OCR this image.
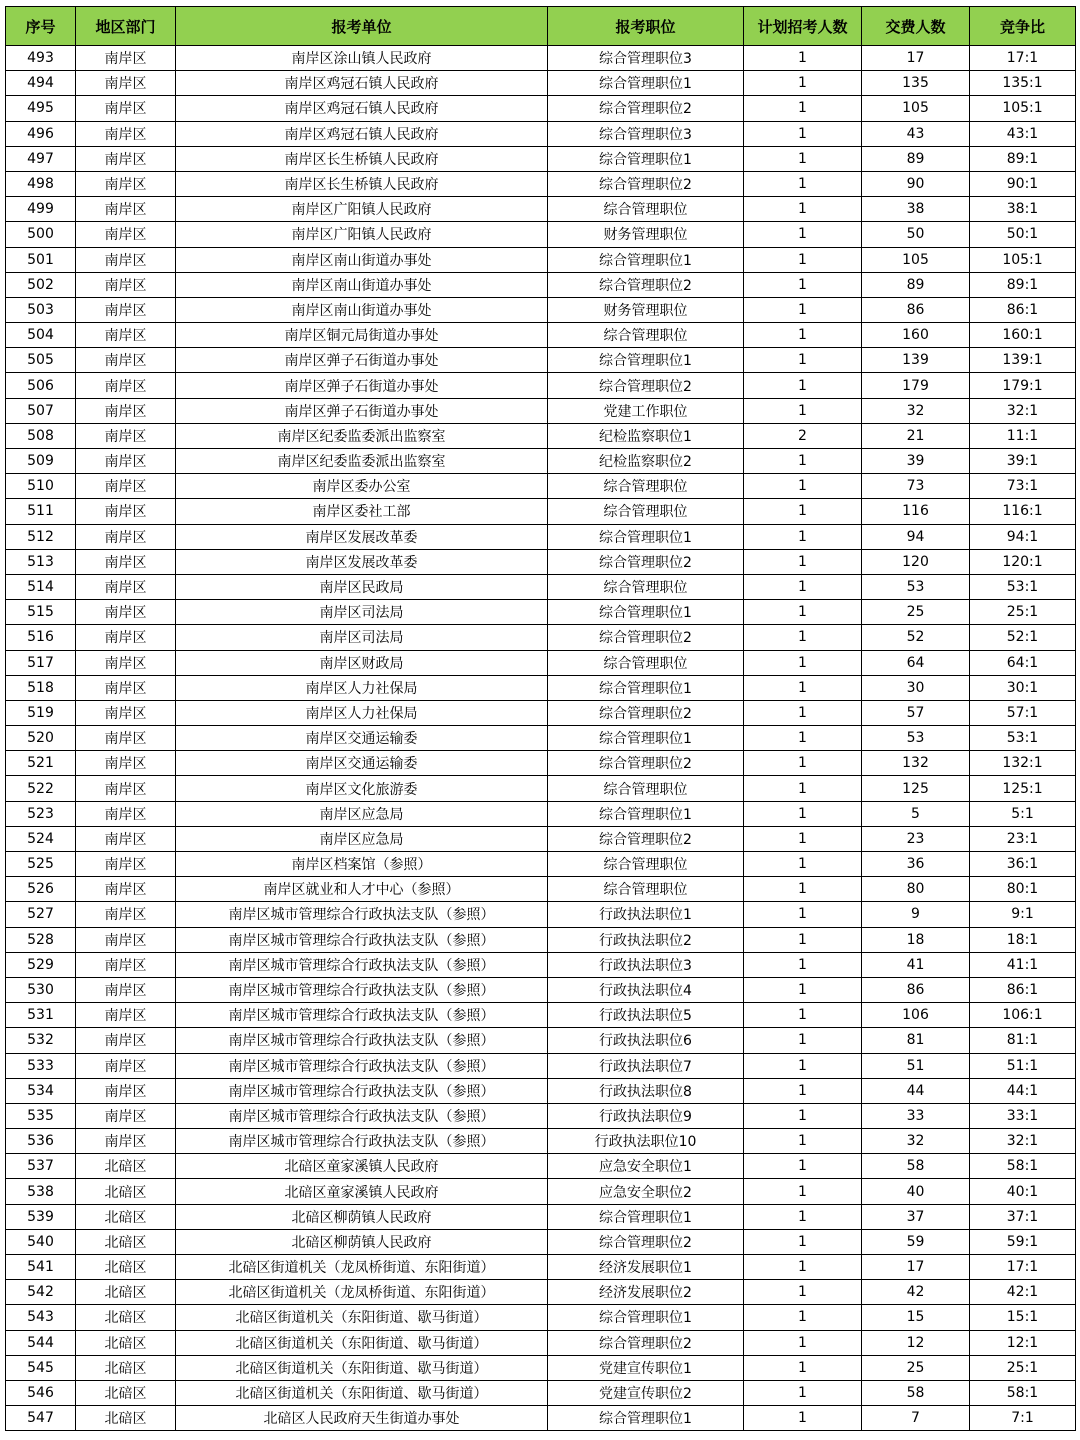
序号	地区部门	报考单位	报考职位	计划招考人数	交费人数	竞争比
493	南岸区	南岸区涂山镇人民政府	综合管理职位3	1	17	17:1
494	南岸区	南岸区鸡冠石镇人民政府	综合管理职位1	1	135	135:1
495	南岸区	南岸区鸡冠石镇人民政府	综合管理职位2	1	105	105:1
496	南岸区	南岸区鸡冠石镇人民政府	综合管理职位3	1	43	43:1
497	南岸区	南岸区长生桥镇人民政府	综合管理职位1	1	89	89:1
498	南岸区	南岸区长生桥镇人民政府	综合管理职位2	1	90	90:1
499	南岸区	南岸区广阳镇人民政府	综合管理职位	1	38	38:1
500	南岸区	南岸区广阳镇人民政府	财务管理职位	1	50	50:1
501	南岸区	南岸区南山街道办事处	综合管理职位1	1	105	105:1
502	南岸区	南岸区南山街道办事处	综合管理职位2	1	89	89:1
503	南岸区	南岸区南山街道办事处	财务管理职位	1	86	86:1
504	南岸区	南岸区铜元局街道办事处	综合管理职位	1	160	160:1
505	南岸区	南岸区弹子石街道办事处	综合管理职位1	1	139	139:1
506	南岸区	南岸区弹子石街道办事处	综合管理职位2	1	179	179:1
507	南岸区	南岸区弹子石街道办事处	党建工作职位	1	32	32:1
508	南岸区	南岸区纪委监委派出监察室	纪检监察职位1	2	21	11:1
509	南岸区	南岸区纪委监委派出监察室	纪检监察职位2	1	39	39:1
510	南岸区	南岸区委办公室	综合管理职位	1	73	73:1
511	南岸区	南岸区委社工部	综合管理职位	1	116	116:1
512	南岸区	南岸区发展改革委	综合管理职位1	1	94	94:1
513	南岸区	南岸区发展改革委	综合管理职位2	1	120	120:1
514	南岸区	南岸区民政局	综合管理职位	1	53	53:1
515	南岸区	南岸区司法局	综合管理职位1	1	25	25:1
516	南岸区	南岸区司法局	综合管理职位2	1	52	52:1
517	南岸区	南岸区财政局	综合管理职位	1	64	64:1
518	南岸区	南岸区人力社保局	综合管理职位1	1	30	30:1
519	南岸区	南岸区人力社保局	综合管理职位2	1	57	57:1
520	南岸区	南岸区交通运输委	综合管理职位1	1	53	53:1
521	南岸区	南岸区交通运输委	综合管理职位2	1	132	132:1
522	南岸区	南岸区文化旅游委	综合管理职位	1	125	125:1
523	南岸区	南岸区应急局	综合管理职位1	1	5	5:1
524	南岸区	南岸区应急局	综合管理职位2	1	23	23:1
525	南岸区	南岸区档案馆（参照）	综合管理职位	1	36	36:1
526	南岸区	南岸区就业和人才中心（参照）	综合管理职位	1	80	80:1
527	南岸区	南岸区城市管理综合行政执法支队（参照）	行政执法职位1	1	9	9:1
528	南岸区	南岸区城市管理综合行政执法支队（参照）	行政执法职位2	1	18	18:1
529	南岸区	南岸区城市管理综合行政执法支队（参照）	行政执法职位3	1	41	41:1
530	南岸区	南岸区城市管理综合行政执法支队（参照）	行政执法职位4	1	86	86:1
531	南岸区	南岸区城市管理综合行政执法支队（参照）	行政执法职位5	1	106	106:1
532	南岸区	南岸区城市管理综合行政执法支队（参照）	行政执法职位6	1	81	81:1
533	南岸区	南岸区城市管理综合行政执法支队（参照）	行政执法职位7	1	51	51:1
534	南岸区	南岸区城市管理综合行政执法支队（参照）	行政执法职位8	1	44	44:1
535	南岸区	南岸区城市管理综合行政执法支队（参照）	行政执法职位9	1	33	33:1
536	南岸区	南岸区城市管理综合行政执法支队（参照）	行政执法职位10	1	32	32:1
537	北碚区	北碚区童家溪镇人民政府	应急安全职位1	1	58	58:1
538	北碚区	北碚区童家溪镇人民政府	应急安全职位2	1	40	40:1
539	北碚区	北碚区柳荫镇人民政府	综合管理职位1	1	37	37:1
540	北碚区	北碚区柳荫镇人民政府	综合管理职位2	1	59	59:1
541	北碚区	北碚区街道机关（龙凤桥街道、东阳街道）	经济发展职位1	1	17	17:1
542	北碚区	北碚区街道机关（龙凤桥街道、东阳街道）	经济发展职位2	1	42	42:1
543	北碚区	北碚区街道机关（东阳街道、歇马街道）	综合管理职位1	1	15	15:1
544	北碚区	北碚区街道机关（东阳街道、歇马街道）	综合管理职位2	1	12	12:1
545	北碚区	北碚区街道机关（东阳街道、歇马街道）	党建宣传职位1	1	25	25:1
546	北碚区	北碚区街道机关（东阳街道、歇马街道）	党建宣传职位2	1	58	58:1
547	北碚区	北碚区人民政府天生街道办事处	综合管理职位1	1	7	7:1
